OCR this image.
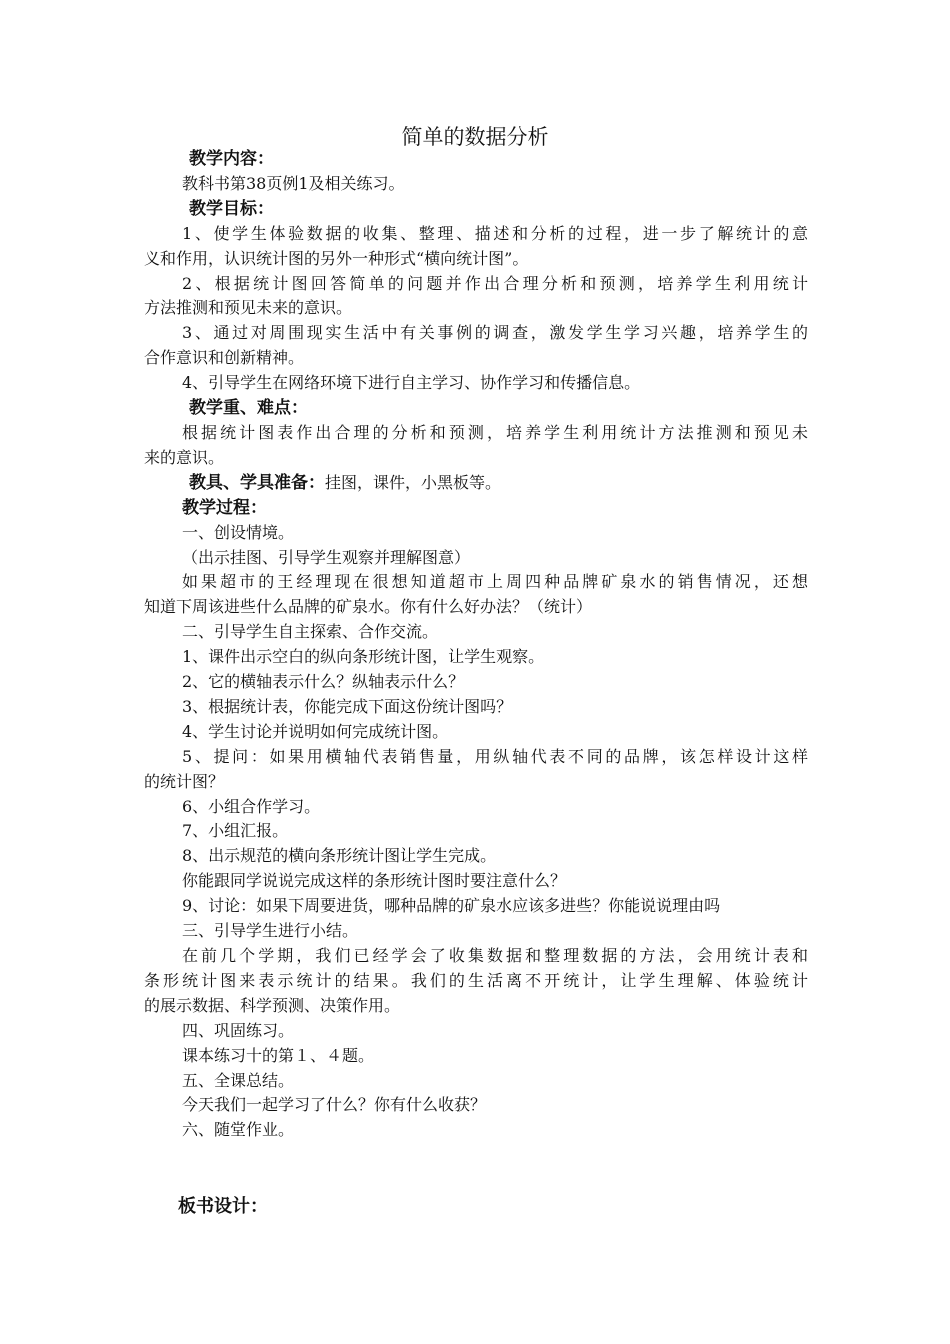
简单的数据分析
教学内容：
教科书第38页例1及相关练习。
教学目标：
1、使学生体验数据的收集、整理、描述和分析的过程，进一步了解统计的意
义和作用，认识统计图的另外一种形式“横向统计图”。
2、根据统计图回答简单的问题并作出合理分析和预测，培养学生利用统计
方法推测和预见未来的意识。
3、通过对周围现实生活中有关事例的调查，激发学生学习兴趣，培养学生的
合作意识和创新精神。
4、引导学生在网络环境下进行自主学习、协作学习和传播信息。
教学重、难点：
根据统计图表作出合理的分析和预测，培养学生利用统计方法推测和预见未
来的意识。
教具、学具准备：挂图，课件，小黑板等。
教学过程：
一、创设情境。
（出示挂图、引导学生观察并理解图意）
如果超市的王经理现在很想知道超市上周四种品牌矿泉水的销售情况，还想
知道下周该进些什么品牌的矿泉水。你有什么好办法？（统计）
二、引导学生自主探索、合作交流。
1、课件出示空白的纵向条形统计图，让学生观察。
2、它的横轴表示什么？纵轴表示什么？
3、根据统计表，你能完成下面这份统计图吗？
4、学生讨论并说明如何完成统计图。
5、提问：如果用横轴代表销售量，用纵轴代表不同的品牌，该怎样设计这样
的统计图？
6、小组合作学习。
7、小组汇报。
8、出示规范的横向条形统计图让学生完成。
你能跟同学说说完成这样的条形统计图时要注意什么？
9、讨论：如果下周要进货，哪种品牌的矿泉水应该多进些？你能说说理由吗
三、引导学生进行小结。
在前几个学期，我们已经学会了收集数据和整理数据的方法，会用统计表和
条形统计图来表示统计的结果。我们的生活离不开统计，让学生理解、体验统计
的展示数据、科学预测、决策作用。
四、巩固练习。
课本练习十的第１、４题。
五、全课总结。
今天我们一起学习了什么？你有什么收获？
六、随堂作业。
板书设计：
